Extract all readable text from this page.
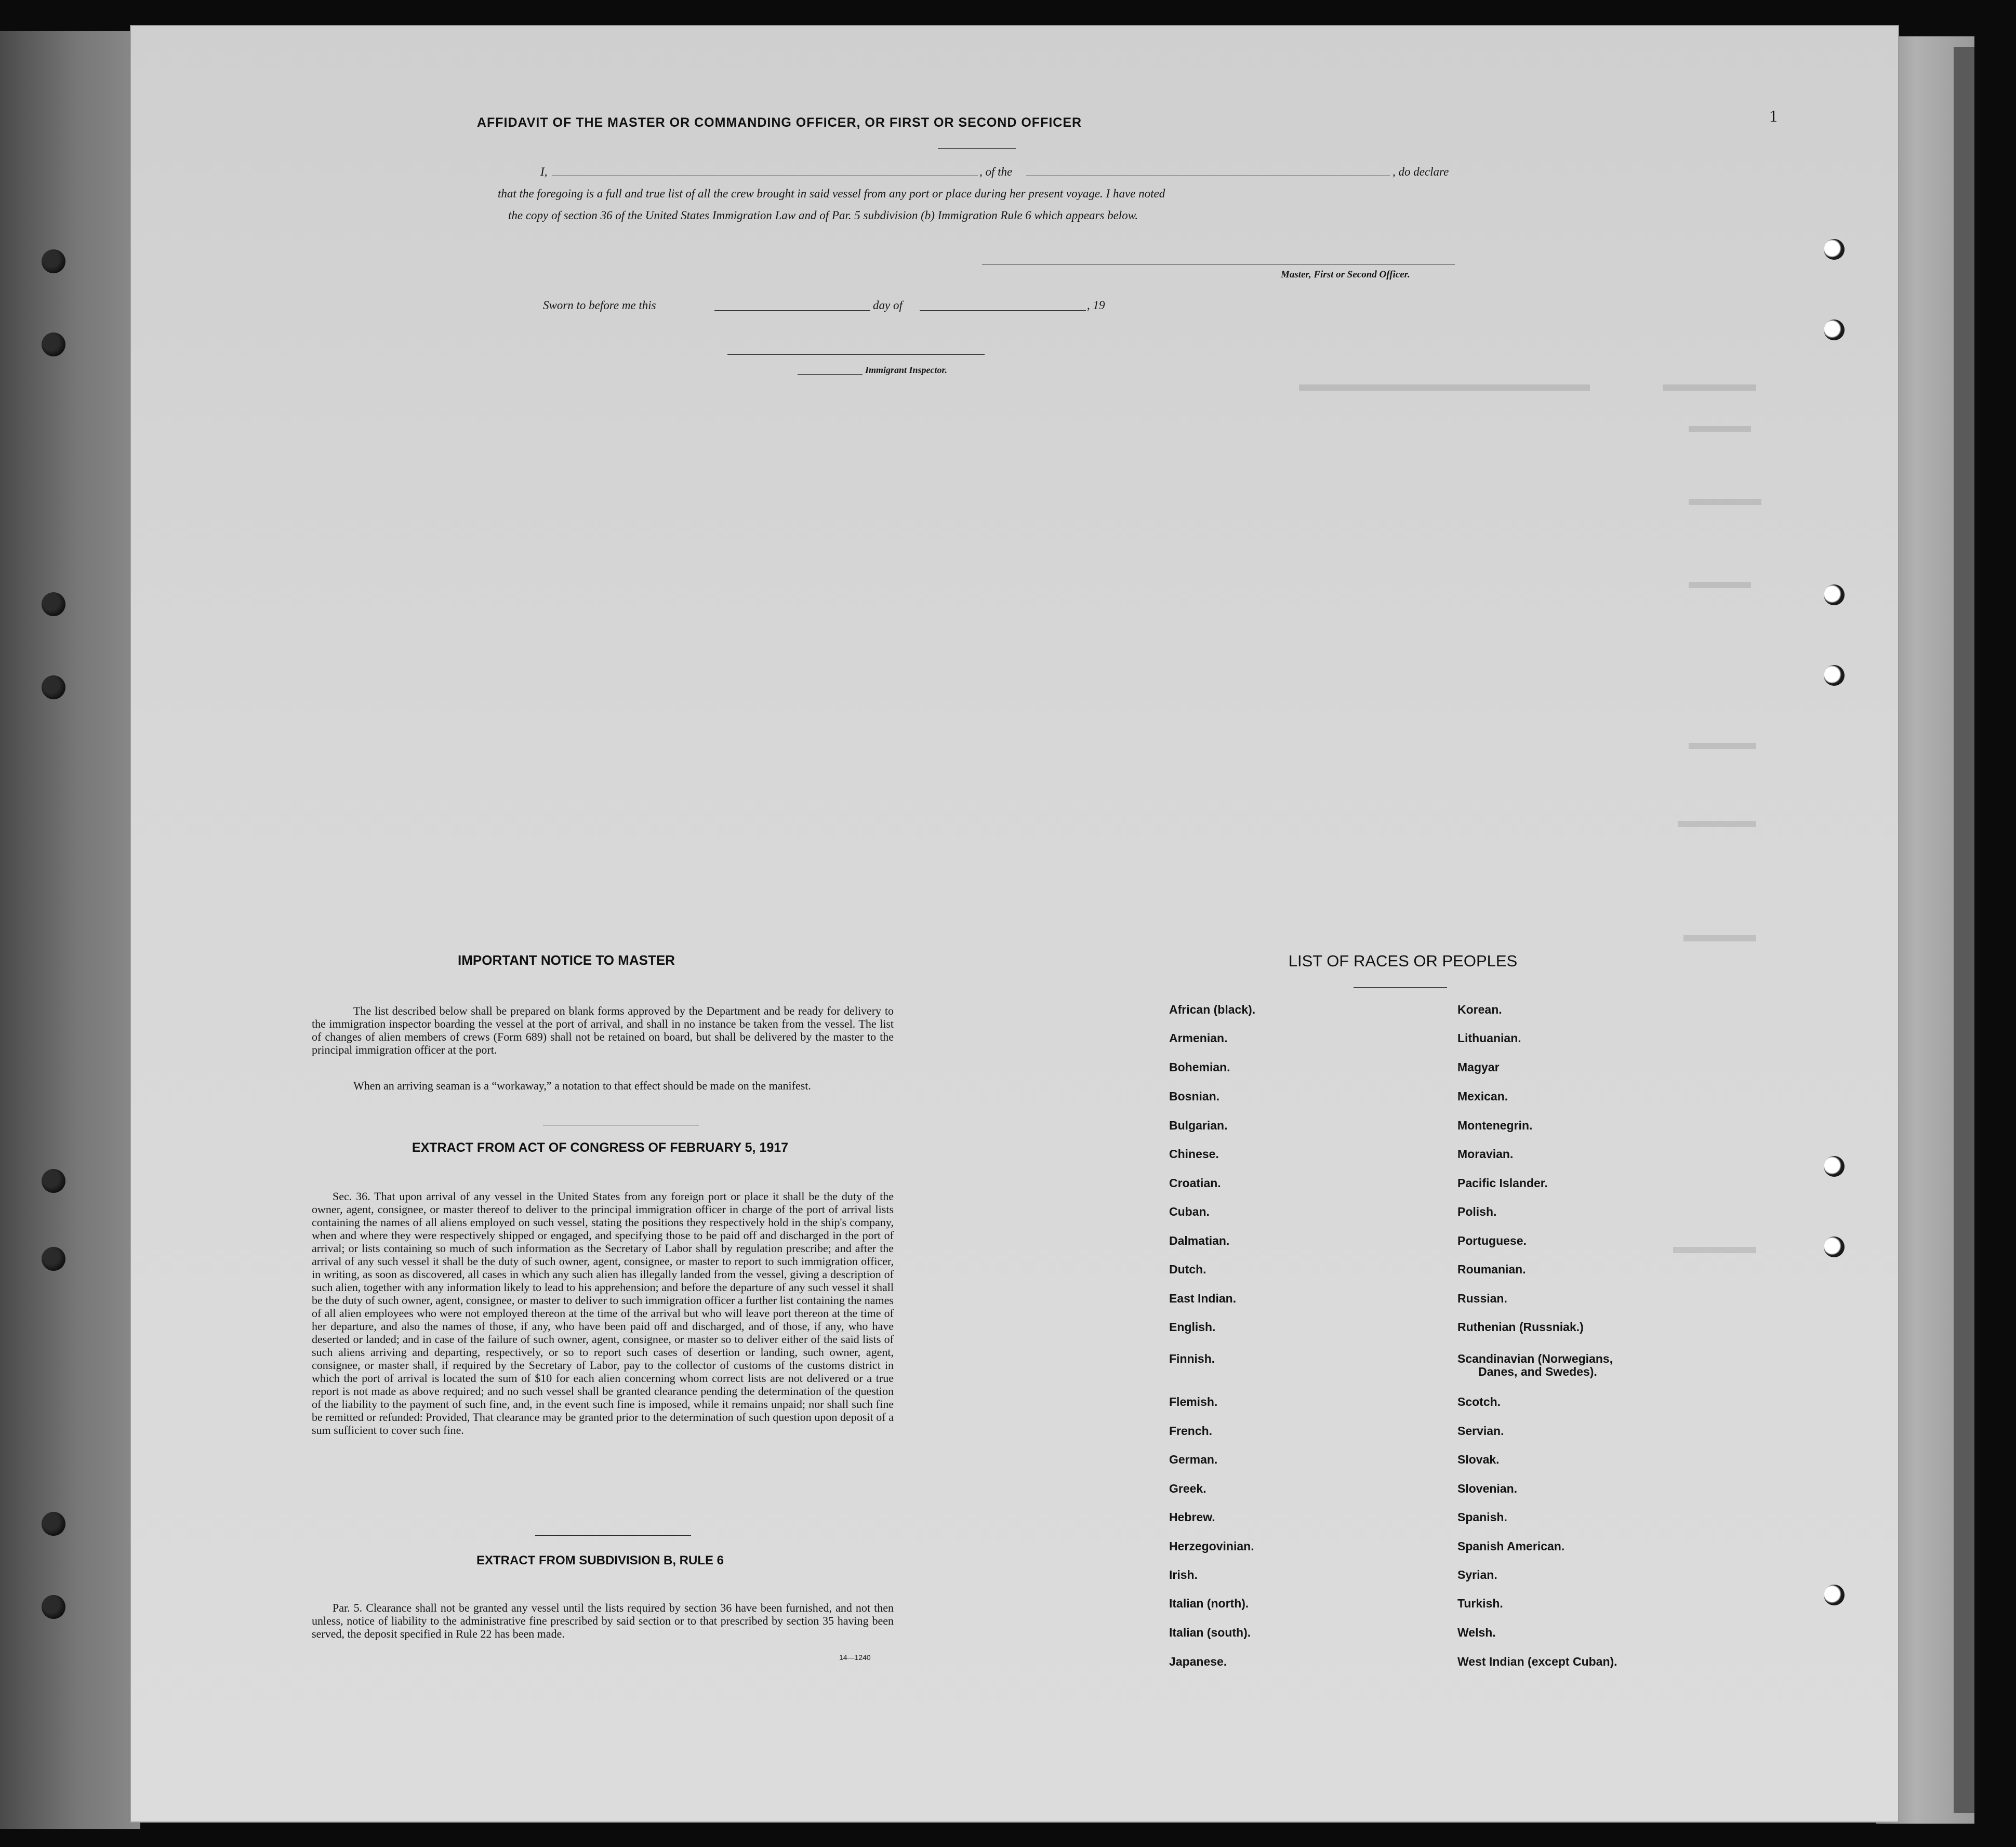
1
AFFIDAVIT OF THE MASTER OR COMMANDING OFFICER, OR FIRST OR SECOND OFFICER
I,	, of the	, do declare
that the foregoing is a full and true list of all the crew brought in said vessel from any port or place during her present voyage. I have noted
the copy of section 36 of the United States Immigration Law and of Par. 5 subdivision (b) Immigration Rule 6 which appears below.
Master, First or Second Officer.
Sworn to before me this	day of	, 19
Immigrant Inspector.
IMPORTANT NOTICE TO MASTER
The list described below shall be prepared on blank forms approved by the Department and be ready for delivery to the immigration inspector boarding the vessel at the port of arrival, and shall in no instance be taken from the vessel. The list of changes of alien members of crews (Form 689) shall not be retained on board, but shall be delivered by the master to the principal immigration officer at the port.
When an arriving seaman is a “workaway,” a notation to that effect should be made on the manifest.
EXTRACT FROM ACT OF CONGRESS OF FEBRUARY 5, 1917
Sec. 36. That upon arrival of any vessel in the United States from any foreign port or place it shall be the duty of the owner, agent, consignee, or master thereof to deliver to the principal immigration officer in charge of the port of arrival lists containing the names of all aliens employed on such vessel, stating the positions they respectively hold in the ship's company, when and where they were respectively shipped or engaged, and specifying those to be paid off and discharged in the port of arrival; or lists containing so much of such information as the Secretary of Labor shall by regulation prescribe; and after the arrival of any such vessel it shall be the duty of such owner, agent, consignee, or master to report to such immigration officer, in writing, as soon as discovered, all cases in which any such alien has illegally landed from the vessel, giving a description of such alien, together with any information likely to lead to his apprehension; and before the departure of any such vessel it shall be the duty of such owner, agent, consignee, or master to deliver to such immigration officer a further list containing the names of all alien employees who were not employed thereon at the time of the arrival but who will leave port thereon at the time of her departure, and also the names of those, if any, who have been paid off and discharged, and of those, if any, who have deserted or landed; and in case of the failure of such owner, agent, consignee, or master so to deliver either of the said lists of such aliens arriving and departing, respectively, or so to report such cases of desertion or landing, such owner, agent, consignee, or master shall, if required by the Secretary of Labor, pay to the collector of customs of the customs district in which the port of arrival is located the sum of $10 for each alien concerning whom correct lists are not delivered or a true report is not made as above required; and no such vessel shall be granted clearance pending the determination of the question of the liability to the payment of such fine, and, in the event such fine is imposed, while it remains unpaid; nor shall such fine be remitted or refunded: Provided, That clearance may be granted prior to the determination of such question upon deposit of a sum sufficient to cover such fine.
EXTRACT FROM SUBDIVISION B, RULE 6
Par. 5. Clearance shall not be granted any vessel until the lists required by section 36 have been furnished, and not then unless, notice of liability to the administrative fine prescribed by said section or to that prescribed by section 35 having been served, the deposit specified in Rule 22 has been made.
14—1240
LIST OF RACES OR PEOPLES
African (black).
Armenian.
Bohemian.
Bosnian.
Bulgarian.
Chinese.
Croatian.
Cuban.
Dalmatian.
Dutch.
East Indian.
English.
Finnish.
Flemish.
French.
German.
Greek.
Hebrew.
Herzegovinian.
Irish.
Italian (north).
Italian (south).
Japanese.
Korean.
Lithuanian.
Magyar
Mexican.
Montenegrin.
Moravian.
Pacific Islander.
Polish.
Portuguese.
Roumanian.
Russian.
Ruthenian (Russniak.)
Scandinavian (Norwegians,
Danes, and Swedes).
Scotch.
Servian.
Slovak.
Slovenian.
Spanish.
Spanish American.
Syrian.
Turkish.
Welsh.
West Indian (except Cuban).
